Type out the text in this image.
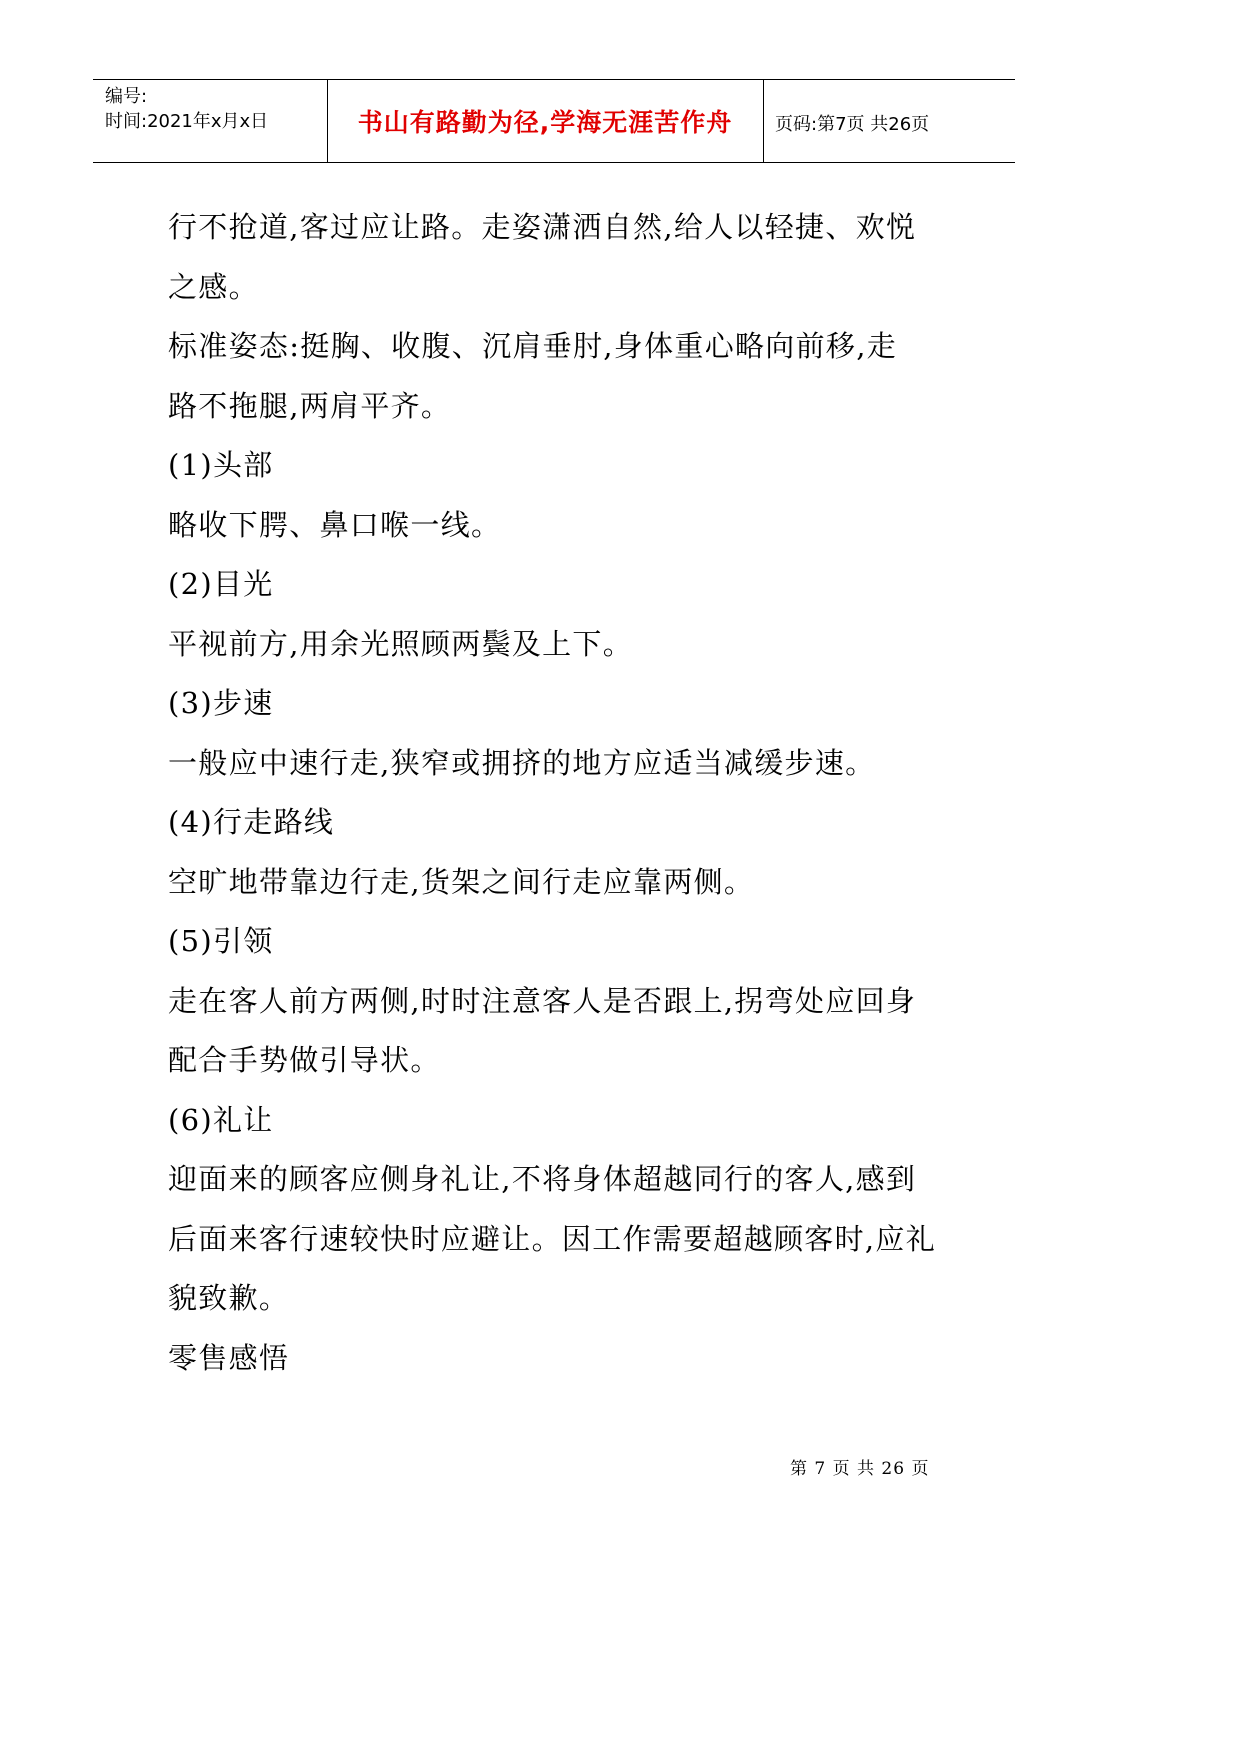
编号:
时间:2021年x月x日	书山有路勤为径,学海无涯苦作舟	页码:第7页 共26页

行不抢道,客过应让路。走姿潇洒自然,给人以轻捷、欢悦

之感。

标准姿态:挺胸、收腹、沉肩垂肘,身体重心略向前移,走

路不拖腿,两肩平齐。

(1)头部

略收下腭、鼻口喉一线。

(2)目光

平视前方,用余光照顾两鬓及上下。

(3)步速

一般应中速行走,狭窄或拥挤的地方应适当减缓步速。

(4)行走路线

空旷地带靠边行走,货架之间行走应靠两侧。

(5)引领

走在客人前方两侧,时时注意客人是否跟上,拐弯处应回身

配合手势做引导状。

(6)礼让

迎面来的顾客应侧身礼让,不将身体超越同行的客人,感到

后面来客行速较快时应避让。因工作需要超越顾客时,应礼

貌致歉。

零售感悟

第 7 页 共 26 页
